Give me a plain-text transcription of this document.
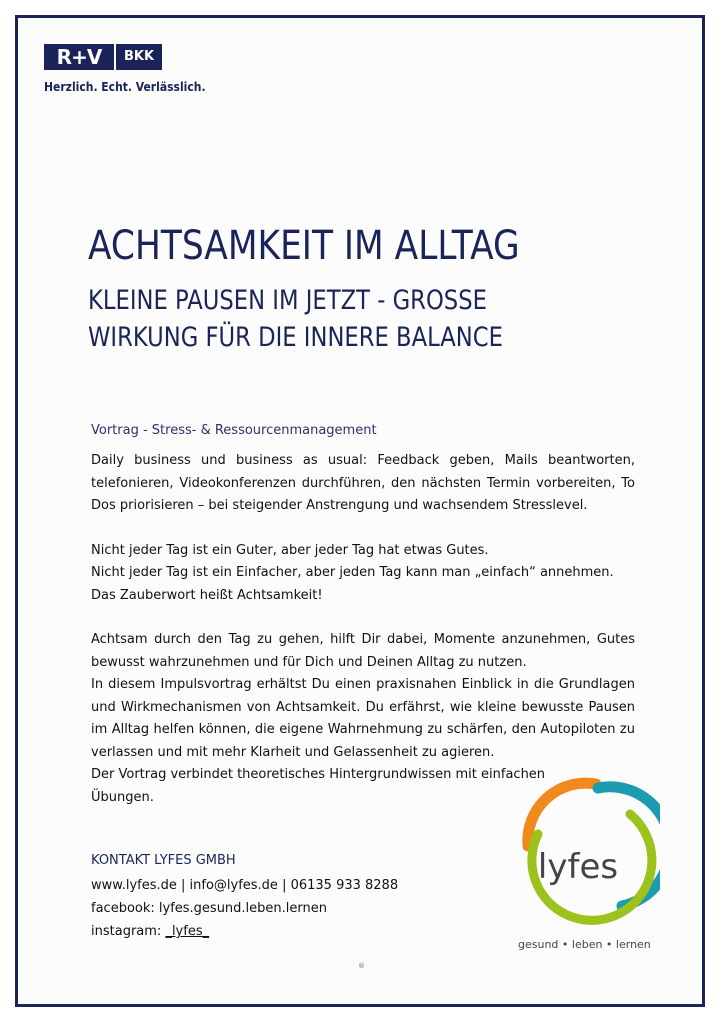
R+V	BKK
Herzlich. Echt. Verlässlich.
ACHTSAMKEIT IM ALLTAG
KLEINE PAUSEN IM JETZT - GROSSE
WIRKUNG FÜR DIE INNERE BALANCE
Vortrag - Stress- & Ressourcenmanagement

Daily business und business as usual: Feedback geben, Mails beantworten, telefonieren, Videokonferenzen durchführen, den nächsten Termin vorbereiten, To Dos priorisieren – bei steigender Anstrengung und wachsendem Stresslevel.

Nicht jeder Tag ist ein Guter, aber jeder Tag hat etwas Gutes.

Nicht jeder Tag ist ein Einfacher, aber jeden Tag kann man „einfach“ annehmen. Das Zauberwort heißt Achtsamkeit!

Achtsam durch den Tag zu gehen, hilft Dir dabei, Momente anzunehmen, Gutes bewusst wahrzunehmen und für Dich und Deinen Alltag zu nutzen.

In diesem Impulsvortrag erhältst Du einen praxisnahen Einblick in die Grundlagen und Wirkmechanismen von Achtsamkeit. Du erfährst, wie kleine bewusste Pausen im Alltag helfen können, die eigene Wahrnehmung zu schärfen, den Autopiloten zu verlassen und mit mehr Klarheit und Gelassenheit zu agieren.

Der Vortrag verbindet theoretisches Hintergrundwissen mit einfachen

Übungen.

KONTAKT LYFES GMBH
www.lyfes.de | info@lyfes.de | 06135 933 8288
facebook: lyfes.gesund.leben.lernen
instagram: _lyfes_
®
lyfes
gesund • leben • lernen
